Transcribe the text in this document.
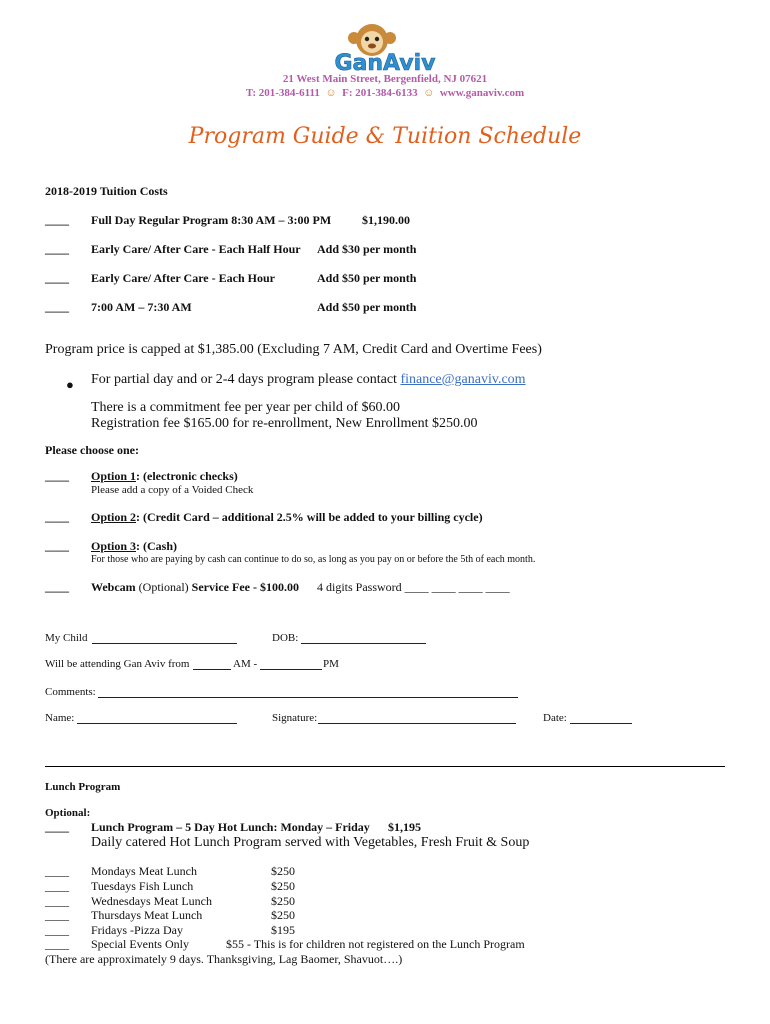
GanAviv
21 West Main Street, Bergenfield, NJ 07621
T: 201-384-6111  ☺  F: 201-384-6133  ☺  www.ganaviv.com
Program Guide & Tuition Schedule
2018-2019 Tuition Costs
____ Full Day Regular Program 8:30 AM – 3:00 PM	$1,190.00
____ Early Care/ After Care - Each Half Hour Add $30 per month
____ Early Care/ After Care - Each Hour	Add $50 per month
____ 7:00 AM – 7:30 AM	Add $50 per month
Program price is capped at $1,385.00 (Excluding 7 AM, Credit Card and Overtime Fees)
● For partial day and or 2-4 days program please contact finance@ganaviv.com
There is a commitment fee per year per child of $60.00
Registration fee $165.00 for re-enrollment, New Enrollment $250.00
Please choose one:
____ Option 1: (electronic checks)
Please add a copy of a Voided Check
____ Option 2: (Credit Card – additional 2.5% will be added to your billing cycle)
____ Option 3: (Cash)
For those who are paying by cash can continue to do so, as long as you pay on or before the 5th of each month.
____ Webcam (Optional) Service Fee - $100.00 4 digits Password ____ ____ ____ ____
My Child	DOB:
Will be attending Gan Aviv from	AM -	PM
Comments:
Name:	Signature:	Date:
Lunch Program
Optional:
____ Lunch Program – 5 Day Hot Lunch: Monday – Friday $1,195
Daily catered Hot Lunch Program served with Vegetables, Fresh Fruit & Soup
____ Mondays Meat Lunch	$250
____ Tuesdays Fish Lunch	$250
____ Wednesdays Meat Lunch	$250
____ Thursdays Meat Lunch	$250
____ Fridays -Pizza Day	$195
____ Special Events Only	$55 - This is for children not registered on the Lunch Program
(There are approximately 9 days. Thanksgiving, Lag Baomer, Shavuot….)
